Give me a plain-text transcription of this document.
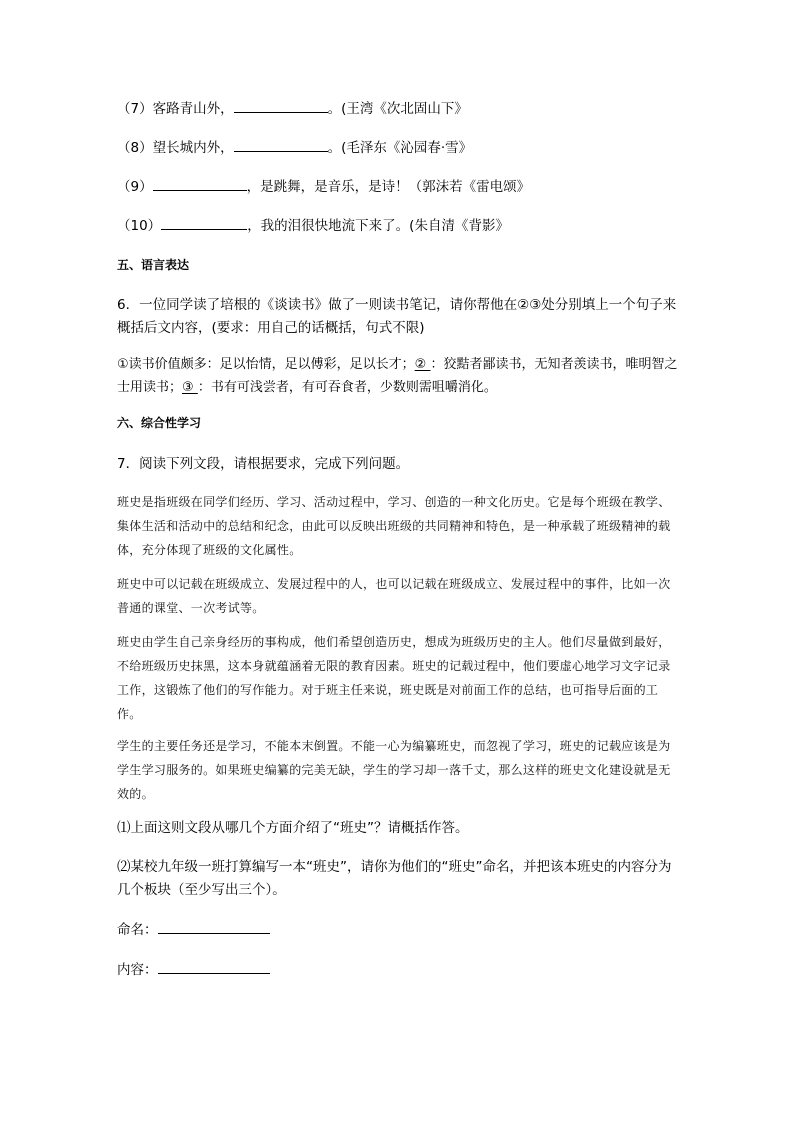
（7）客路青山外，	。(王湾《次北固山下》
（8）望长城内外，	。(毛泽东《沁园春·雪》
（9）	，是跳舞，是音乐，是诗！（郭沫若《雷电颂》
（10）	，我的泪很快地流下来了。(朱自清《背影》
五、语言表达
6．一位同学读了培根的《谈读书》做了一则读书笔记，请你帮他在②③处分别填上一个句子来概括后文内容，(要求：用自己的话概括，句式不限)
①读书价值颇多：足以怡情，足以傅彩，足以长才；② ：狡黠者鄙读书，无知者羡读书，唯明智之士用读书；③ ：书有可浅尝者，有可吞食者，少数则需咀嚼消化。
六、综合性学习
7．阅读下列文段，请根据要求，完成下列问题。
班史是指班级在同学们经历、学习、活动过程中，学习、创造的一种文化历史。它是每个班级在教学、集体生活和活动中的总结和纪念，由此可以反映出班级的共同精神和特色，是一种承载了班级精神的载体，充分体现了班级的文化属性。
班史中可以记载在班级成立、发展过程中的人，也可以记载在班级成立、发展过程中的事件，比如一次普通的课堂、一次考试等。
班史由学生自己亲身经历的事构成，他们希望创造历史，想成为班级历史的主人。他们尽量做到最好，不给班级历史抹黑，这本身就蕴涵着无限的教育因素。班史的记载过程中，他们要虚心地学习文字记录工作，这锻炼了他们的写作能力。对于班主任来说，班史既是对前面工作的总结，也可指导后面的工作。
学生的主要任务还是学习，不能本末倒置。不能一心为编纂班史，而忽视了学习，班史的记载应该是为学生学习服务的。如果班史编纂的完美无缺，学生的学习却一落千丈，那么这样的班史文化建设就是无效的。
⑴上面这则文段从哪几个方面介绍了“班史”？请概括作答。
⑵某校九年级一班打算编写一本“班史”，请你为他们的“班史”命名，并把该本班史的内容分为几个板块（至少写出三个）。
命名：
内容：
